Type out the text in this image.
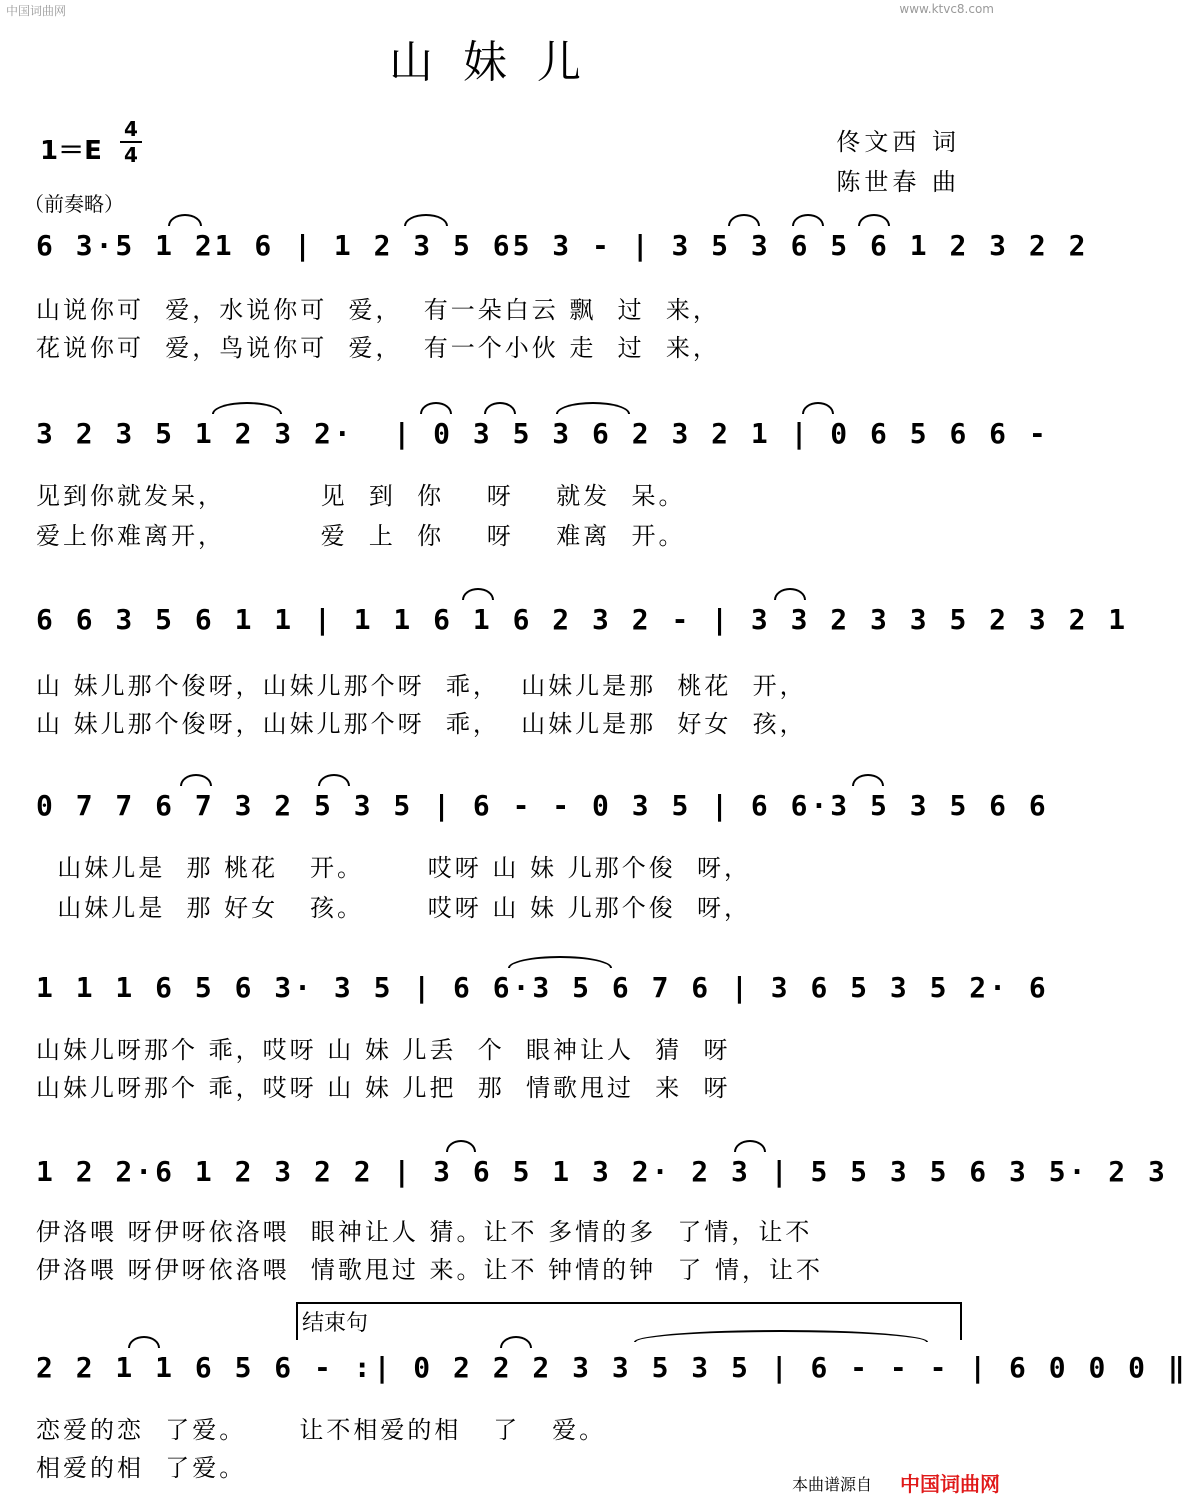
中国词曲网	www.ktvc8.com
山妹儿
1＝E
4
4	佟文西 词
陈世春 曲
（前奏略）
6 3·5 1 21 6 | 1 2 3 5 65 3 - | 3 5 3 6 5 6 1 2 3 2 2
山说你可  爱，水说你可  爱，  有一朵白云 飘  过  来，
花说你可  爱，鸟说你可  爱，  有一个小伙 走  过  来，
3 2 3 5 1 2 3 2·  | 0 3 5 3 6 2 3 2 1 | 0 6 5 6 6 -
见到你就发呆，         见  到  你    呀    就发  呆。
爱上你难离开，         爱  上  你    呀    难离  开。
6 6 3 5 6 1 1 | 1 1 6 1 6 2 3 2 - | 3 3 2 3 3 5 2 3 2 1
山 妹儿那个俊呀，山妹儿那个呀  乖，  山妹儿是那  桃花  开，
山 妹儿那个俊呀，山妹儿那个呀  乖，  山妹儿是那  好女  孩，
0 7 7 6 7 3 2 5 3 5 | 6 - - 0 3 5 | 6 6·3 5 3 5 6 6
山妹儿是  那 桃花   开。      哎呀 山 妹 儿那个俊  呀，
山妹儿是  那 好女   孩。      哎呀 山 妹 儿那个俊  呀，
1 1 1 6 5 6 3· 3 5 | 6 6·3 5 6 7 6 | 3 6 5 3 5 2· 6
山妹儿呀那个 乖，哎呀 山 妹 儿丢  个  眼神让人  猜  呀
山妹儿呀那个 乖，哎呀 山 妹 儿把  那  情歌甩过  来  呀
1 2 2·6 1 2 3 2 2 | 3 6 5 1 3 2· 2 3 | 5 5 3 5 6 3 5· 2 3
伊洛喂 呀伊呀依洛喂  眼神让人 猜。让不 多情的多  了情，让不
伊洛喂 呀伊呀依洛喂  情歌甩过 来。让不 钟情的钟  了 情，让不
结束句
2 2 1 1 6 5 6 - :| 0 2 2 2 3 3 5 3 5 | 6 - - - | 6 0 0 0 ‖
恋爱的恋  了爱。     让不相爱的相   了   爱。
相爱的相  了爱。
本曲谱源自 中国词曲网
